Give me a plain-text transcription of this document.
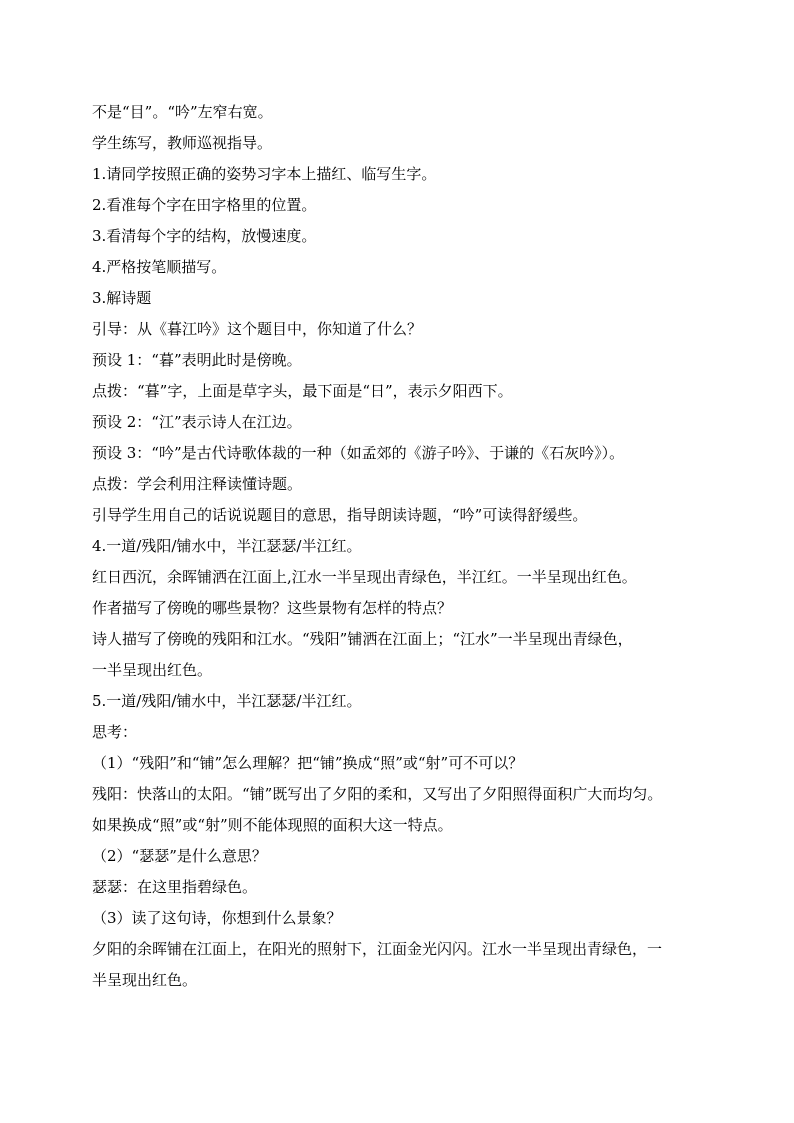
不是“目”。“吟”左窄右宽。
学生练写，教师巡视指导。
1.请同学按照正确的姿势习字本上描红、临写生字。
2.看准每个字在田字格里的位置。
3.看清每个字的结构，放慢速度。
4.严格按笔顺描写。
3.解诗题
引导：从《暮江吟》这个题目中，你知道了什么？
预设 1：“暮”表明此时是傍晚。
点拨：“暮”字，上面是草字头，最下面是“日”，表示夕阳西下。
预设 2：“江”表示诗人在江边。
预设 3：“吟”是古代诗歌体裁的一种（如孟郊的《游子吟》、于谦的《石灰吟》）。
点拨：学会利用注释读懂诗题。
引导学生用自己的话说说题目的意思，指导朗读诗题，“吟”可读得舒缓些。
4.一道/残阳/铺水中，半江瑟瑟/半江红。
红日西沉，余晖铺洒在江面上,江水一半呈现出青绿色，半江红。一半呈现出红色。
作者描写了傍晚的哪些景物？这些景物有怎样的特点？
诗人描写了傍晚的残阳和江水。“残阳”铺洒在江面上；“江水”一半呈现出青绿色，
一半呈现出红色。
5.一道/残阳/铺水中，半江瑟瑟/半江红。
思考：
（1）“残阳”和“铺”怎么理解？把“铺”换成“照”或“射”可不可以？
残阳：快落山的太阳。“铺”既写出了夕阳的柔和，又写出了夕阳照得面积广大而均匀。
如果换成“照”或“射”则不能体现照的面积大这一特点。
（2）“瑟瑟”是什么意思？
瑟瑟：在这里指碧绿色。
（3）读了这句诗，你想到什么景象？
夕阳的余晖铺在江面上，在阳光的照射下，江面金光闪闪。江水一半呈现出青绿色，一
半呈现出红色。
